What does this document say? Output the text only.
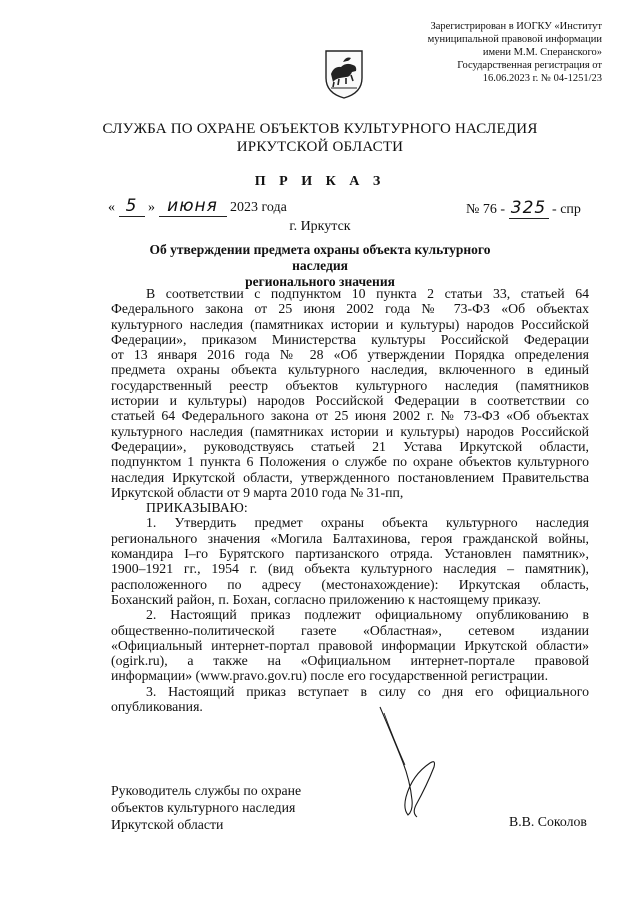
Зарегистрирован в ИОГКУ «Институт
муниципальной правовой информации
имени М.М. Сперанского»
Государственная регистрация от
16.06.2023 г. № 04-1251/23
СЛУЖБА ПО ОХРАНЕ ОБЪЕКТОВ КУЛЬТУРНОГО НАСЛЕДИЯ
ИРКУТСКОЙ ОБЛАСТИ
П Р И К А З
« 5 » июня 2023 года	№ 76 - 325 - спр
г. Иркутск
Об утверждении предмета охраны объекта культурного наследия
регионального значения

В соответствии с подпунктом 10 пункта 2 статьи 33, статьей 64

Федерального закона от 25 июня 2002 года № 73-ФЗ «Об объектах

культурного наследия (памятниках истории и культуры) народов Российской

Федерации», приказом Министерства культуры Российской Федерации

от 13 января 2016 года № 28 «Об утверждении Порядка определения

предмета охраны объекта культурного наследия, включенного в единый

государственный реестр объектов культурного наследия (памятников

истории и культуры) народов Российской Федерации в соответствии со

статьей 64 Федерального закона от 25 июня 2002 г. № 73-ФЗ «Об объектах

культурного наследия (памятниках истории и культуры) народов Российской

Федерации», руководствуясь статьей 21 Устава Иркутской области,

подпунктом 1 пункта 6 Положения о службе по охране объектов культурного

наследия Иркутской области, утвержденного постановлением Правительства

Иркутской области от 9 марта 2010 года № 31-пп,

ПРИКАЗЫВАЮ:

1. Утвердить предмет охраны объекта культурного наследия

регионального значения «Могила Балтахинова, героя гражданской войны,

командира I–го Бурятского партизанского отряда. Установлен памятник»,

1900–1921 гг., 1954 г. (вид объекта культурного наследия – памятник),

расположенного по адресу (местонахождение): Иркутская область,

Боханский район, п. Бохан, согласно приложению к настоящему приказу.

2. Настоящий приказ подлежит официальному опубликованию в

общественно-политической газете «Областная», сетевом издании

«Официальный интернет-портал правовой информации Иркутской области»

(ogirk.ru), а также на «Официальном интернет-портале правовой

информации» (www.pravo.gov.ru) после его государственной регистрации.

3. Настоящий приказ вступает в силу со дня его официального

опубликования.

Руководитель службы по охране
объектов культурного наследия
Иркутской области	В.В. Соколов
